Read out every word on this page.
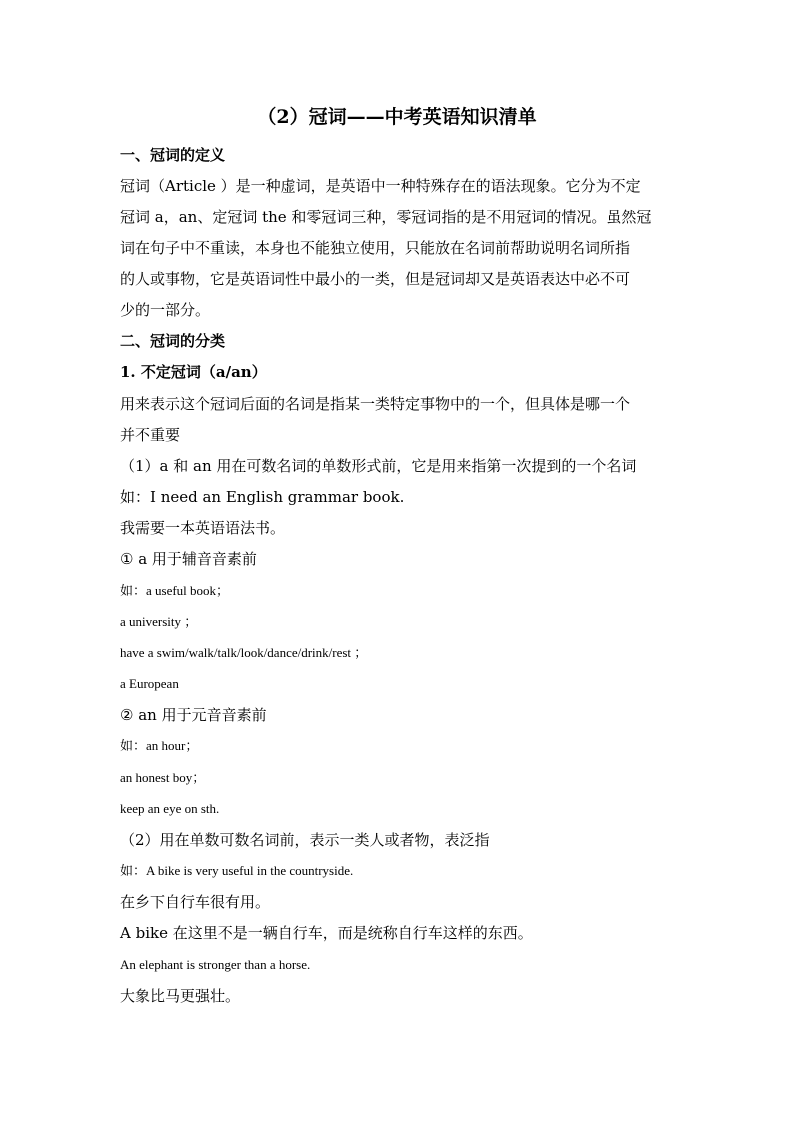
（2）冠词——中考英语知识清单
一、冠词的定义
冠词（Article ）是一种虚词，是英语中一种特殊存在的语法现象。它分为不定
冠词 a，an、定冠词 the 和零冠词三种，零冠词指的是不用冠词的情况。虽然冠
词在句子中不重读，本身也不能独立使用，只能放在名词前帮助说明名词所指
的人或事物，它是英语词性中最小的一类，但是冠词却又是英语表达中必不可
少的一部分。
二、冠词的分类
1. 不定冠词（a/an）
用来表示这个冠词后面的名词是指某一类特定事物中的一个，但具体是哪一个
并不重要
（1）a 和 an 用在可数名词的单数形式前，它是用来指第一次提到的一个名词
如：I need an English grammar book.
我需要一本英语语法书。
① a 用于辅音音素前
如：a useful book；
a university ；
have a swim/walk/talk/look/dance/drink/rest ；
a European
② an 用于元音音素前
如：an hour；
an honest boy；
keep an eye on sth.
（2）用在单数可数名词前，表示一类人或者物，表泛指
如：A bike is very useful in the countryside.
在乡下自行车很有用。
A bike 在这里不是一辆自行车，而是统称自行车这样的东西。
An elephant is stronger than a horse.
大象比马更强壮。
